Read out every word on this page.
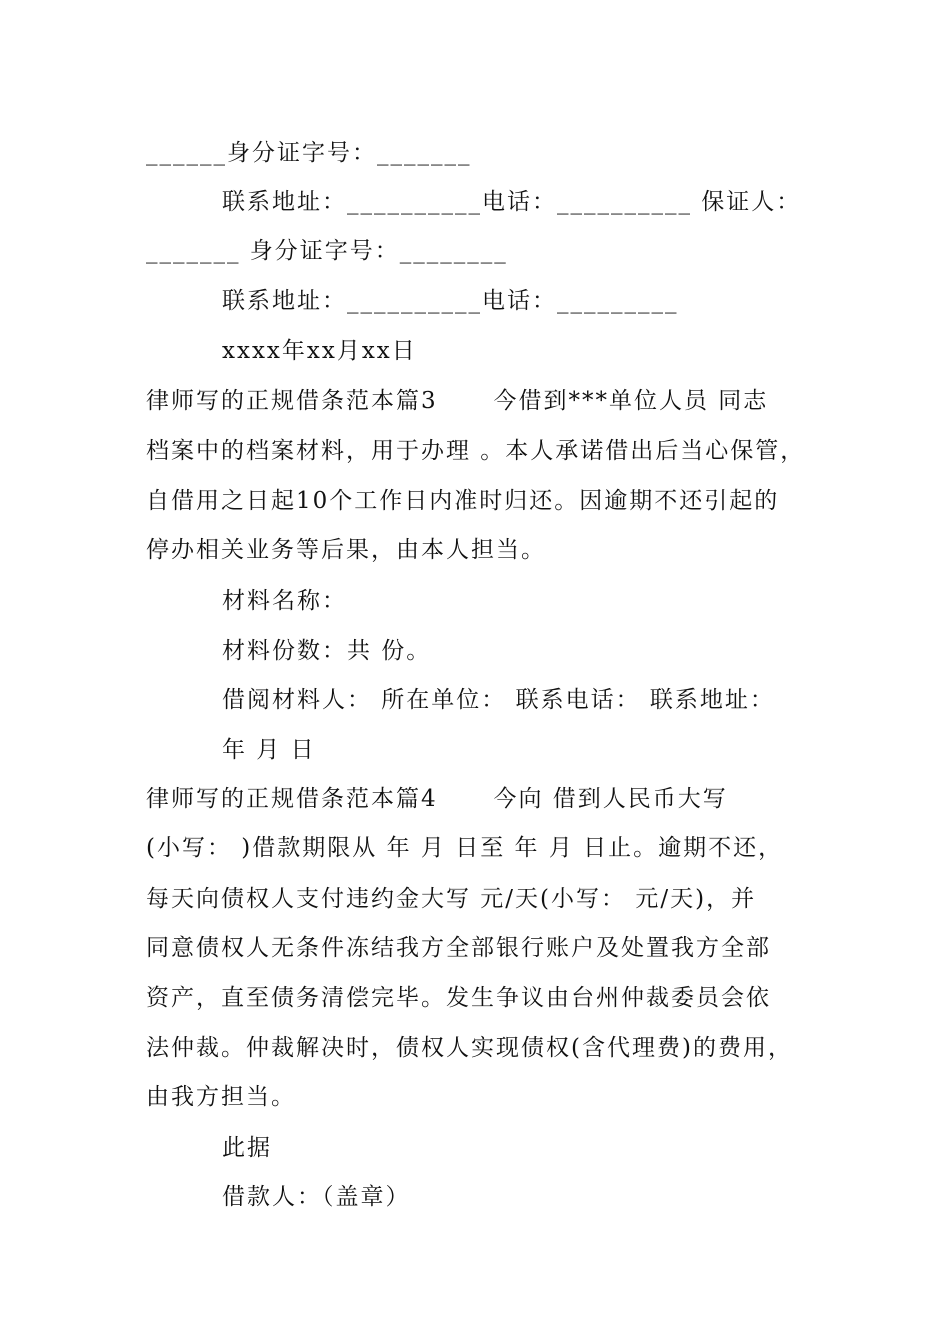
______身分证字号：_______
联系地址：__________电话：__________ 保证人：
_______ 身分证字号：________
联系地址：__________电话：_________
xxxx年xx月xx日
律师写的正规借条范本篇3      今借到***单位人员 同志
档案中的档案材料，用于办理 。本人承诺借出后当心保管，
自借用之日起10个工作日内准时归还。因逾期不还引起的
停办相关业务等后果，由本人担当。
材料名称：
材料份数：共 份。
借阅材料人： 所在单位： 联系电话： 联系地址：
年 月 日
律师写的正规借条范本篇4      今向 借到人民币大写
(小写： )借款期限从 年 月 日至 年 月 日止。逾期不还，
每天向债权人支付违约金大写 元/天(小写： 元/天)，并
同意债权人无条件冻结我方全部银行账户及处置我方全部
资产，直至债务清偿完毕。发生争议由台州仲裁委员会依
法仲裁。仲裁解决时，债权人实现债权(含代理费)的费用，
由我方担当。
此据
借款人：（盖章）
